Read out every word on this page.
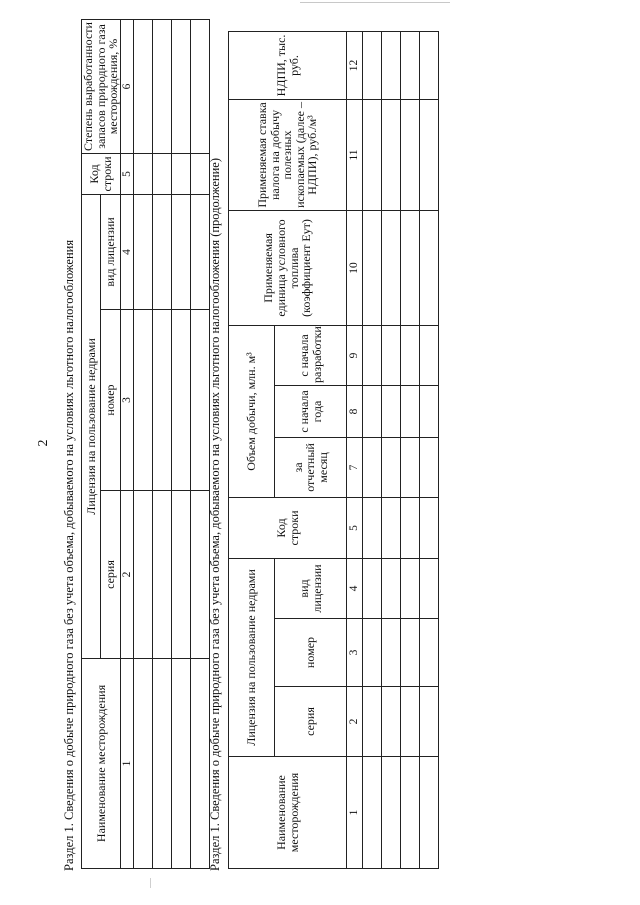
2 Раздел 1. Сведения о добыче природного газа без учета объема, добываемого на условиях льготного налогообложения Наименование месторождения	Лицензия на пользование недрами			Код строки	Степень выработанности запасов природного газа месторождения, %
	серия	номер	вид лицензии		
1	2	3	4	5	6

Раздел 1. Сведения о добыче природного газа без учета объема, добываемого на условиях льготного налогообложения (продолжение)	Наименование месторождения	Лицензия на пользование недрами			Код строки	Объем добычи, млн. м³			Применяемая единица условного топлива (коэффициент Еут)	Применяемая ставка налога на добычу полезных ископаемых (далее – НДПИ), руб./м³	НДПИ, тыс. руб.
	серия	номер	вид лицензии		за отчетный месяц	с начала года	с начала разработки			
1	2	3	4	5	7	8	9	10	11	12
